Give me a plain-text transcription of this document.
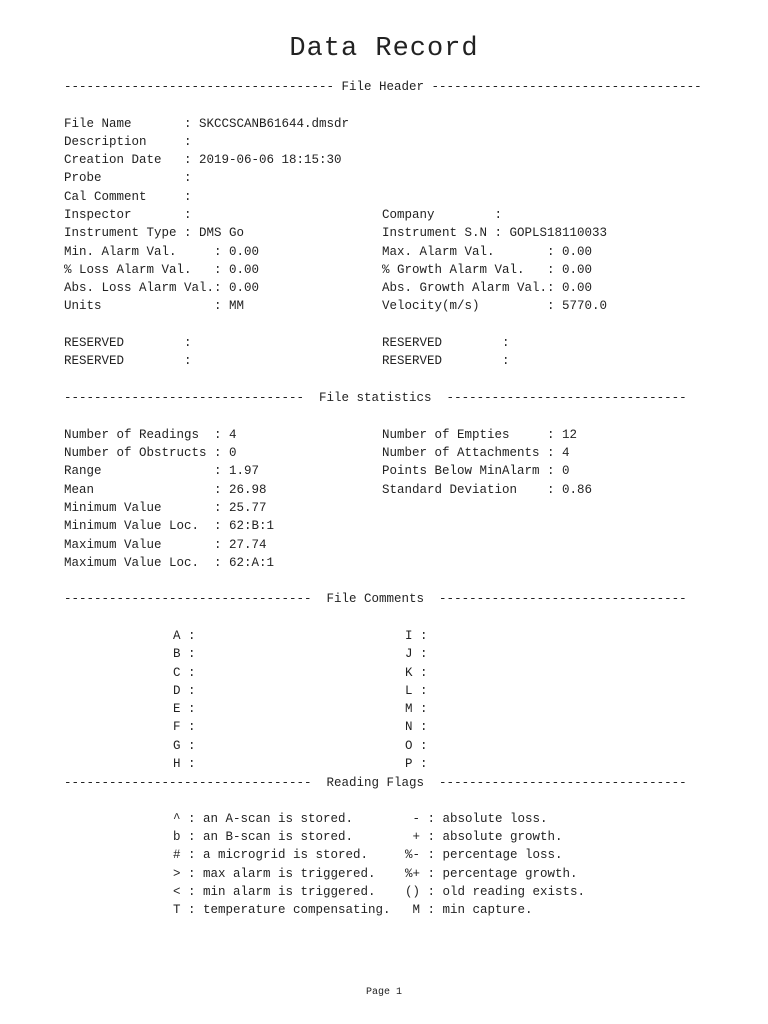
Data Record
------------------------------------ File Header ------------------------------------
File Name       : SKCCSCANB61644.dmsdr
Description     :
Creation Date   : 2019-06-06 18:15:30
Probe           :
Cal Comment     :
Inspector       :
Instrument Type : DMS Go
Min. Alarm Val.     : 0.00
% Loss Alarm Val.   : 0.00
Abs. Loss Alarm Val.: 0.00
Units               : MM
RESERVED        :
RESERVED        :
Company        :
Instrument S.N : GOPLS18110033
Max. Alarm Val.       : 0.00
% Growth Alarm Val.   : 0.00
Abs. Growth Alarm Val.: 0.00
Velocity(m/s)         : 5770.0
RESERVED        :
RESERVED        :
--------------------------------  File statistics  --------------------------------
Number of Readings  : 4
Number of Obstructs : 0
Range               : 1.97
Mean                : 26.98
Minimum Value       : 25.77
Minimum Value Loc.  : 62:B:1
Maximum Value       : 27.74
Maximum Value Loc.  : 62:A:1
Number of Empties     : 12
Number of Attachments : 4
Points Below MinAlarm : 0
Standard Deviation    : 0.86
---------------------------------  File Comments  ---------------------------------
A :
B :
C :
D :
E :
F :
G :
H :
I :
J :
K :
L :
M :
N :
O :
P :
---------------------------------  Reading Flags  ---------------------------------
^ : an A-scan is stored.
b : an B-scan is stored.
# : a microgrid is stored.
> : max alarm is triggered.
< : min alarm is triggered.
T : temperature compensating.
- : absolute loss.
+ : absolute growth.
%- : percentage loss.
%+ : percentage growth.
() : old reading exists.
M : min capture.
Page 1
